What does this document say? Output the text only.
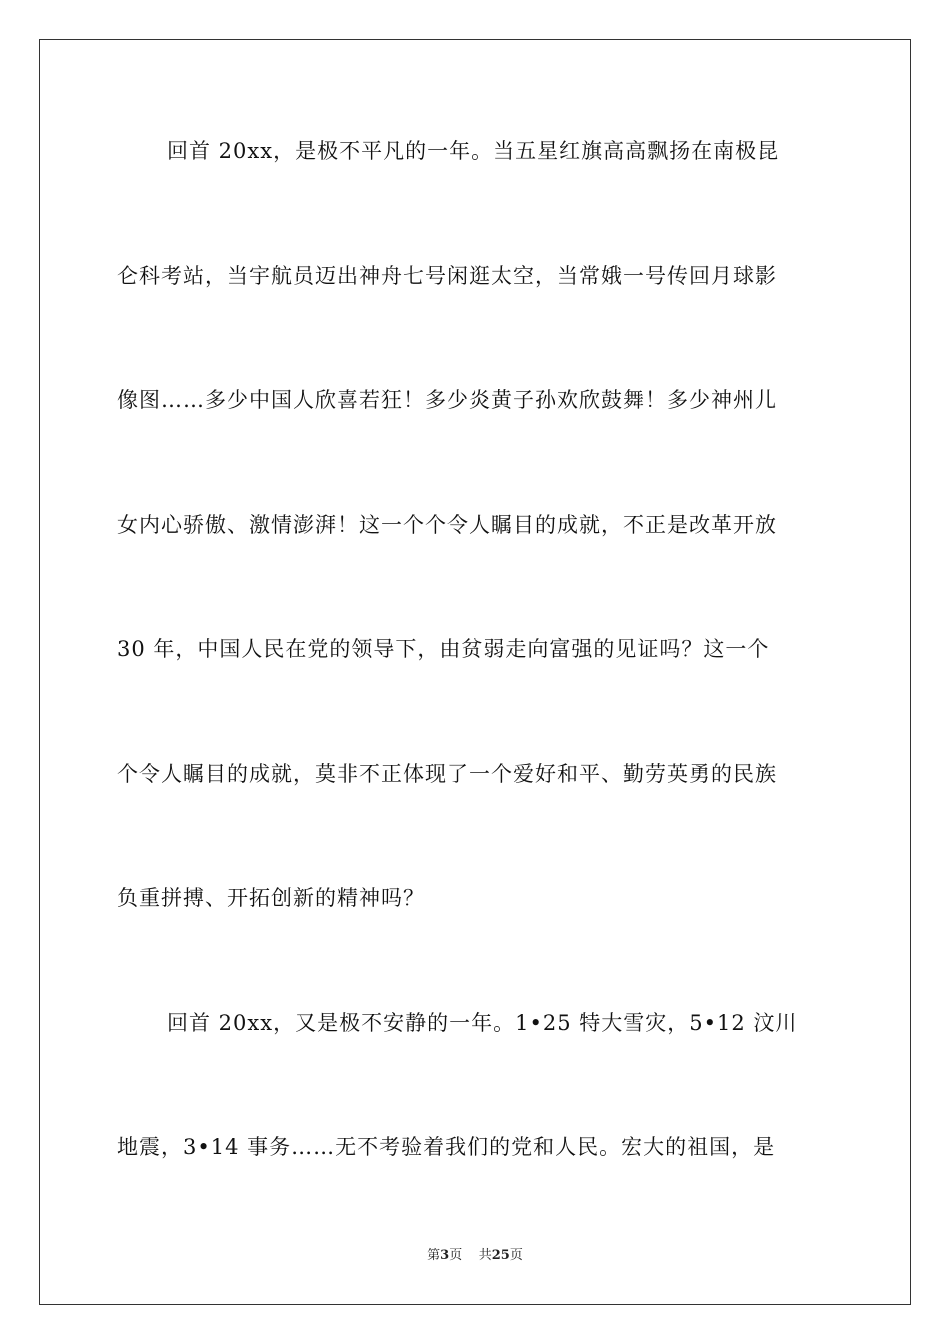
回首 20xx，是极不平凡的一年。当五星红旗高高飘扬在南极昆
仑科考站，当宇航员迈出神舟七号闲逛太空，当常娥一号传回月球影
像图……多少中国人欣喜若狂！多少炎黄子孙欢欣鼓舞！多少神州儿
女内心骄傲、激情澎湃！这一个个令人瞩目的成就，不正是改革开放
30 年，中国人民在党的领导下，由贫弱走向富强的见证吗？这一个
个令人瞩目的成就，莫非不正体现了一个爱好和平、勤劳英勇的民族
负重拼搏、开拓创新的精神吗？
回首 20xx，又是极不安静的一年。1•25 特大雪灾，5•12 汶川
地震，3•14 事务……无不考验着我们的党和人民。宏大的祖国，是
第3页 共25页
